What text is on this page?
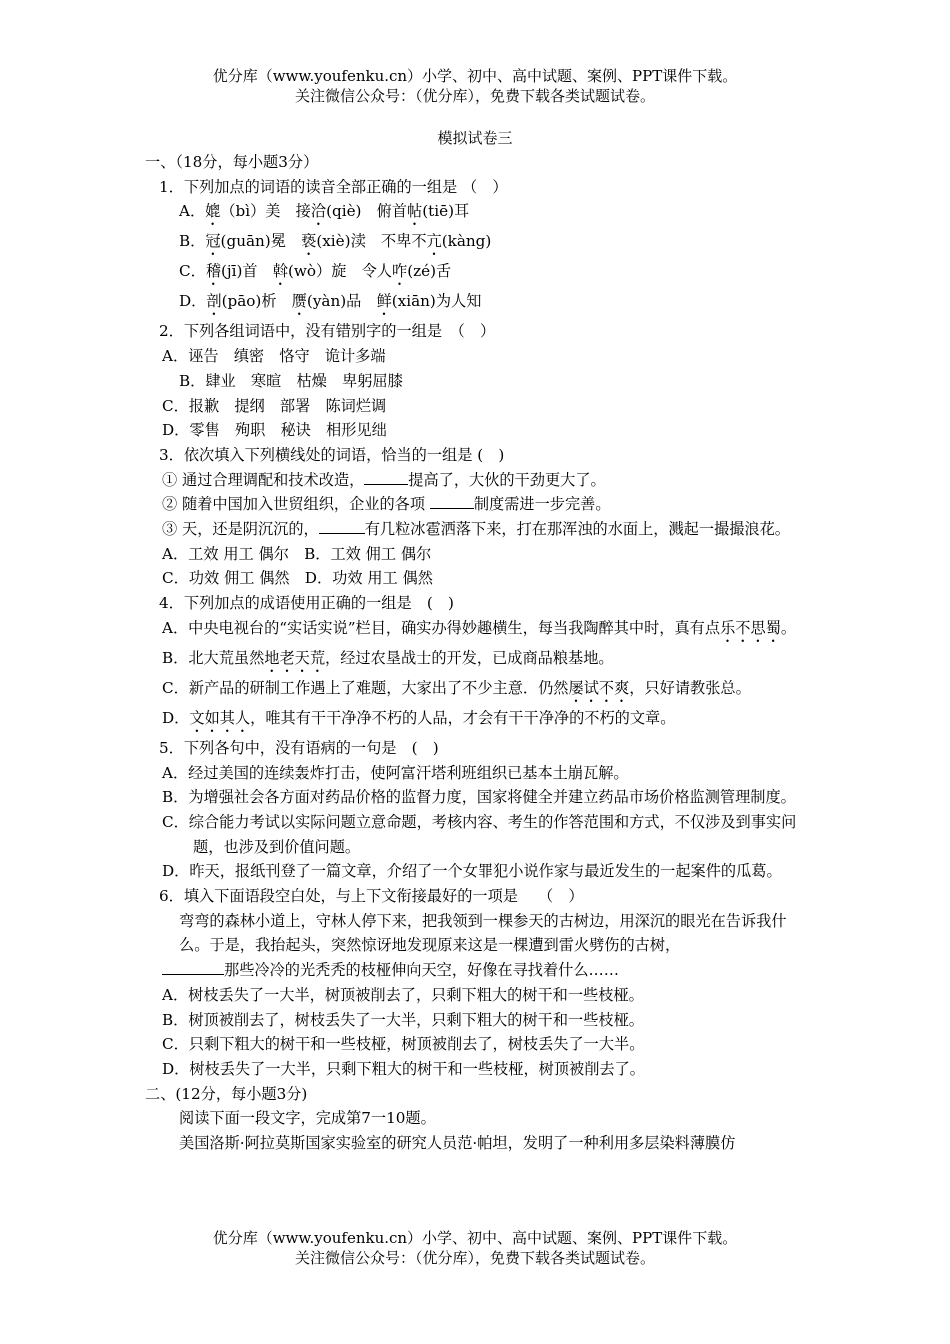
优分库（www.youfenku.cn）小学、初中、高中试题、案例、PPT课件下载。
关注微信公众号：（优分库），免费下载各类试题试卷。
模拟试卷三
一、（18分，每小题3分）
1．下列加点的词语的读音全部正确的一组是 （　）
A．媲（bì）美　接洽(qiè)　俯首帖(tiē)耳
B．冠(guān)冕　亵(xiè)渎　不卑不亢(kàng)
C．稽(jī)首　斡(wò）旋　令人咋(zé)舌
D．剖(pāo)析　赝(yàn)品　鲜(xiān)为人知
2．下列各组词语中，没有错别字的一组是　（　）
A．诬告　缜密　恪守　诡计多端
B．肆业　寒暄　枯燥　卑躬屈膝
C．报歉　提纲　部署　陈词烂调
D．零售　殉职　秘诀　相形见绌
3．依次填入下列横线处的词语，恰当的一组是 (　)
① 通过合理调配和技术改造，	提高了，大伙的干劲更大了。
② 随着中国加入世贸组织，企业的各项	制度需进一步完善。
③ 天，还是阴沉沉的，	有几粒冰雹洒落下来，打在那浑浊的水面上，溅起一撮撮浪花。
A．工效 用工 偶尔　B．工效 佣工 偶尔
C．功效 佣工 偶然　D．功效 用工 偶然
4．下列加点的成语使用正确的一组是　(　)
A．中央电视台的“实话实说”栏目，确实办得妙趣横生，每当我陶醉其中时，真有点乐不思蜀。
B．北大荒虽然地老天荒，经过农垦战士的开发，已成商品粮基地。
C．新产品的研制工作遇上了难题，大家出了不少主意．仍然屡试不爽，只好请教张总。
D．文如其人，唯其有干干净净不朽的人品，才会有干干净净的不朽的文章。
5．下列各句中，没有语病的一句是　(　)
A．经过美国的连续轰炸打击，使阿富汗塔利班组织已基本土崩瓦解。
B．为增强社会各方面对药品价格的监督力度，国家将健全并建立药品市场价格监测管理制度。
C．综合能力考试以实际问题立意命题，考核内容、考生的作答范围和方式，不仅涉及到事实问题，也涉及到价值问题。
D．昨天，报纸刊登了一篇文章，介绍了一个女罪犯小说作家与最近发生的一起案件的瓜葛。
6．填入下面语段空白处，与上下文衔接最好的一项是　 （　）
弯弯的森林小道上，守林人停下来，把我领到一棵参天的古树边，用深沉的眼光在告诉我什么。于是，我抬起头，突然惊讶地发现原来这是一棵遭到雷火劈伤的古树，
那些冷冷的光秃秃的枝桠伸向天空，好像在寻找着什么……
A．树枝丢失了一大半，树顶被削去了，只剩下粗大的树干和一些枝桠。
B．树顶被削去了，树枝丢失了一大半，只剩下粗大的树干和一些枝桠。
C．只剩下粗大的树干和一些枝桠，树顶被削去了，树枝丢失了一大半。
D．树枝丢失了一大半，只剩下粗大的树干和一些枝桠，树顶被削去了。
二、(12分，每小题3分)
阅读下面一段文字，完成第7一10题。
美国洛斯·阿拉莫斯国家实验室的研究人员范·帕坦，发明了一种利用多层染料薄膜仿
优分库（www.youfenku.cn）小学、初中、高中试题、案例、PPT课件下载。
关注微信公众号：（优分库），免费下载各类试题试卷。
